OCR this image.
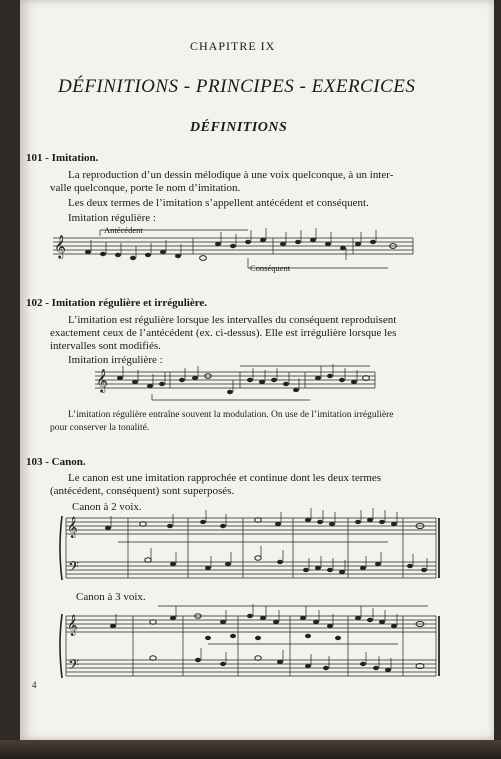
CHAPITRE IX
DÉFINITIONS - PRINCIPES - EXERCICES
DÉFINITIONS
101 - Imitation.
La reproduction d’un dessin mélodique à une voix quelconque, à un inter-
valle quelconque, porte le nom d’imitation.
Les deux termes de l’imitation s’appellent antécédent et conséquent.
Imitation régulière :
𝄞
Antécédent
Conséquent
102 - Imitation régulière et irrégulière.
L’imitation est régulière lorsque les intervalles du conséquent reproduisent
exactement ceux de l’antécédent (ex. ci-dessus). Elle est irrégulière lorsque les
intervalles sont modifiés.
Imitation irrégulière :
𝄞
L’imitation régulière entraîne souvent la modulation. On use de l’imitation irrégulière
pour conserver la tonalité.
103 - Canon.
Le canon est une imitation rapprochée et continue dont les deux termes
(antécédent, conséquent) sont superposés.
Canon à 2 voix.
𝄞
𝄢
Canon à 3 voix.
𝄞
𝄢
4
